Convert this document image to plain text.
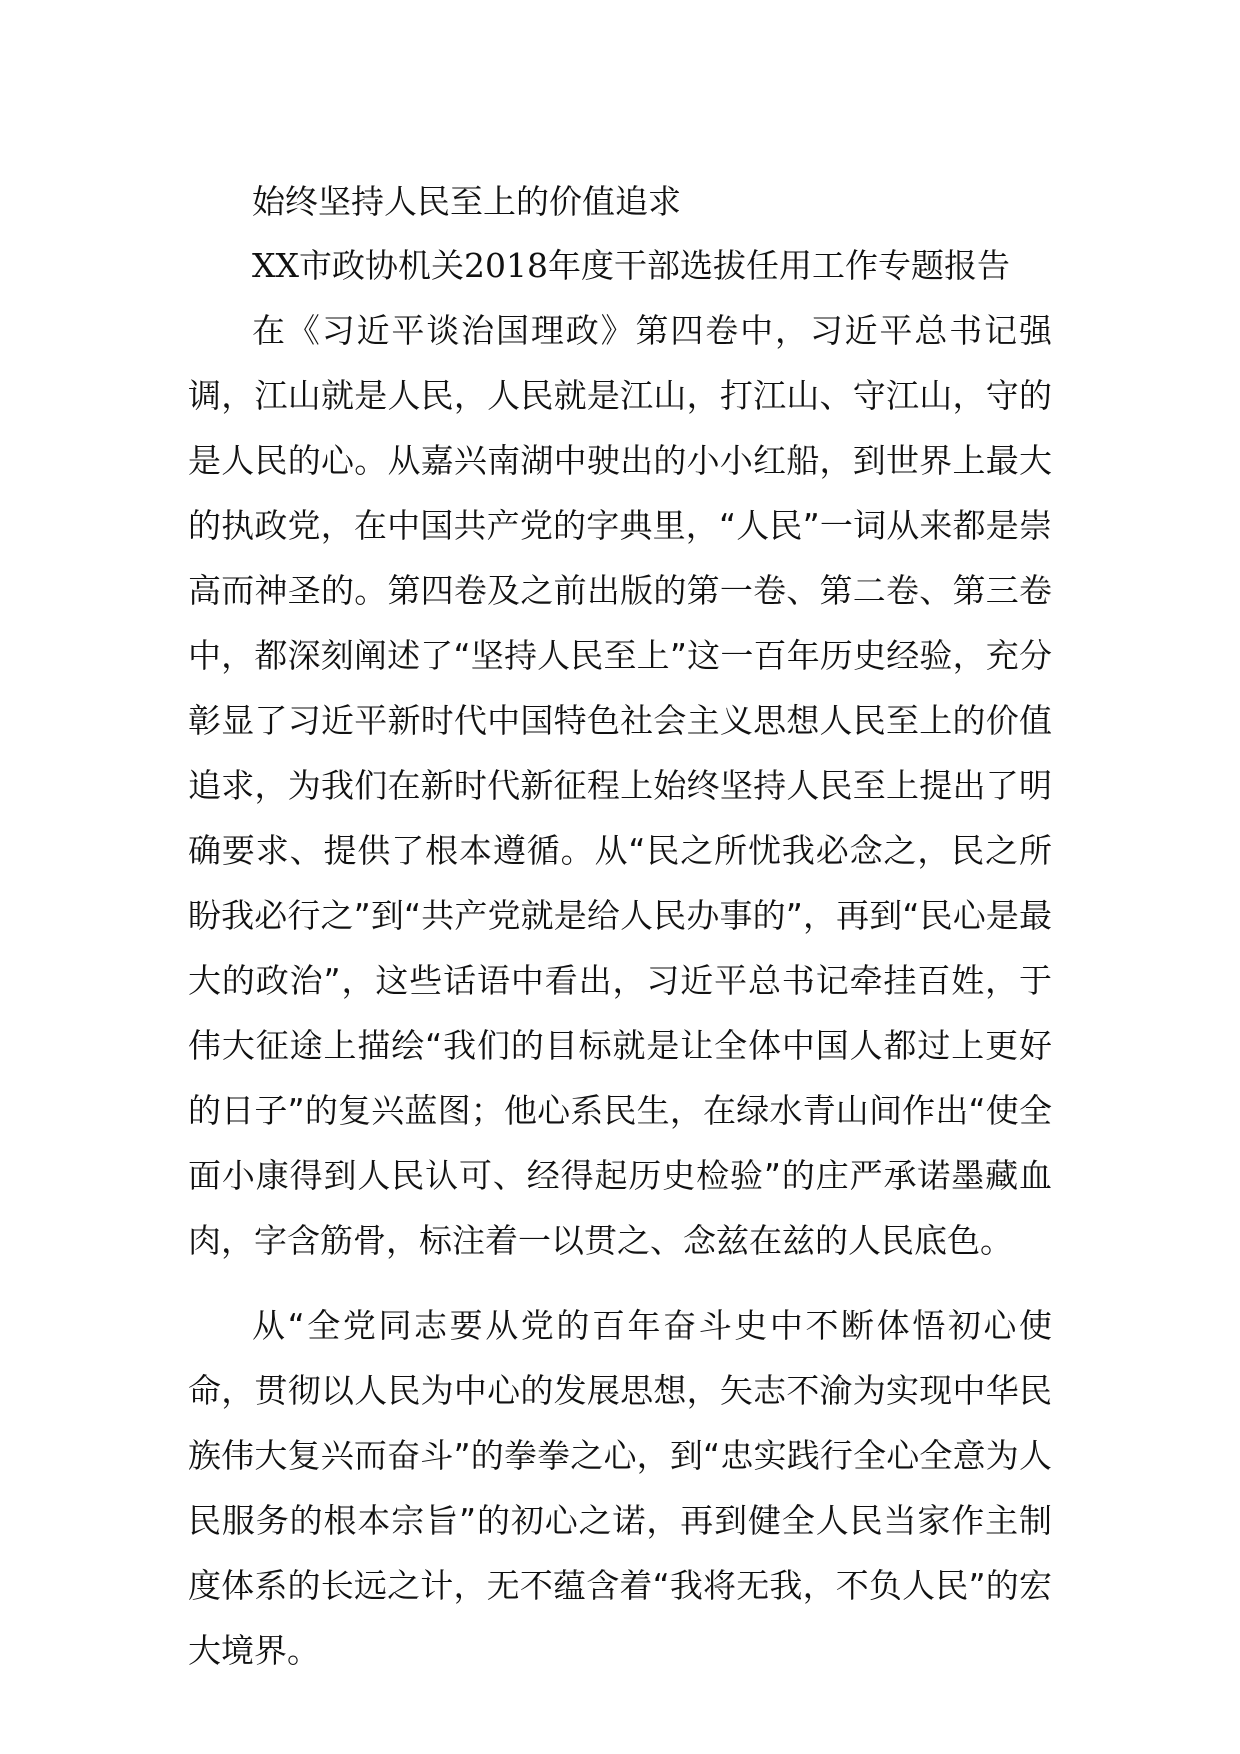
始终坚持人民至上的价值追求

XX市政协机关2018年度干部选拔任用工作专题报告

在《习近平谈治国理政》第四卷中，习近平总书记强调，江山就是人民，人民就是江山，打江山、守江山，守的是人民的心。从嘉兴南湖中驶出的小小红船，到世界上最大的执政党，在中国共产党的字典里，“人民”一词从来都是崇高而神圣的。第四卷及之前出版的第一卷、第二卷、第三卷中，都深刻阐述了“坚持人民至上”这一百年历史经验，充分彰显了习近平新时代中国特色社会主义思想人民至上的价值追求，为我们在新时代新征程上始终坚持人民至上提出了明确要求、提供了根本遵循。从“民之所忧我必念之，民之所盼我必行之”到“共产党就是给人民办事的”，再到“民心是最大的政治”，这些话语中看出，习近平总书记牵挂百姓，于伟大征途上描绘“我们的目标就是让全体中国人都过上更好的日子”的复兴蓝图；他心系民生，在绿水青山间作出“使全面小康得到人民认可、经得起历史检验”的庄严承诺墨藏血肉，字含筋骨，标注着一以贯之、念兹在兹的人民底色。

从“全党同志要从党的百年奋斗史中不断体悟初心使命，贯彻以人民为中心的发展思想，矢志不渝为实现中华民族伟大复兴而奋斗”的拳拳之心，到“忠实践行全心全意为人民服务的根本宗旨”的初心之诺，再到健全人民当家作主制度体系的长远之计，无不蕴含着“我将无我，不负人民”的宏大境界。
